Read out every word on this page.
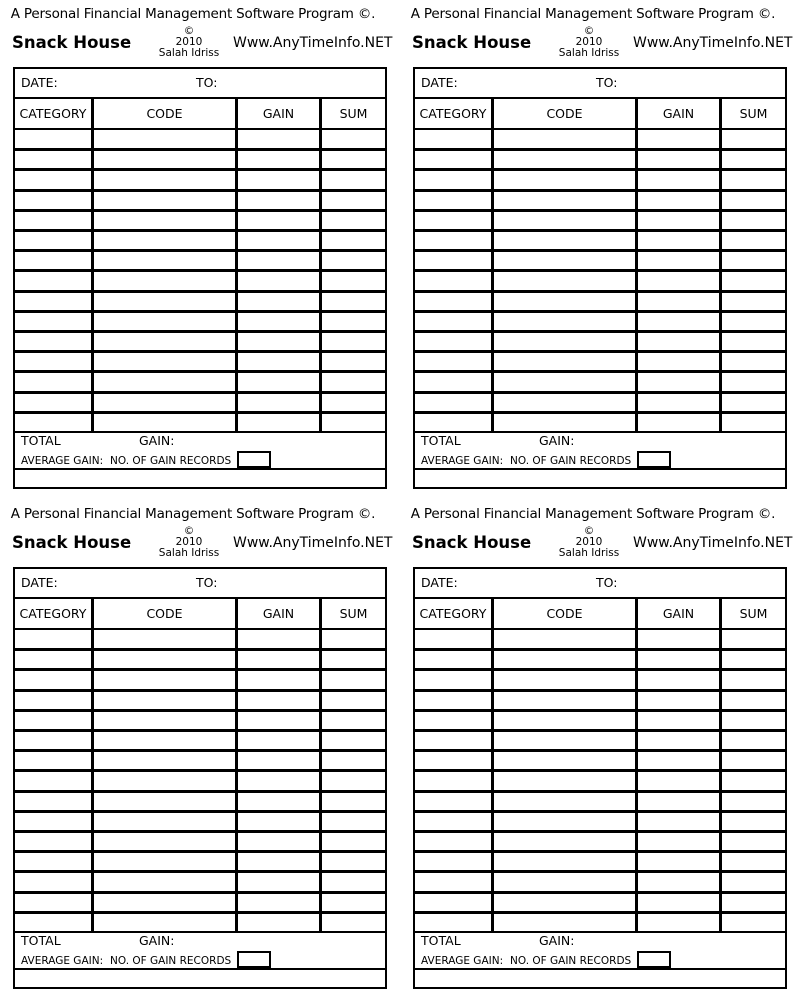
A Personal Financial Management Software Program ©.
Snack House
©
2010
Salah Idriss
Www.AnyTimeInfo.NET
DATE:	TO:
CATEGORY	CODE	GAIN	SUM
TOTAL	GAIN:
AVERAGE GAIN: NO. OF GAIN RECORDS
A Personal Financial Management Software Program ©.
Snack House
©
2010
Salah Idriss
Www.AnyTimeInfo.NET
DATE:	TO:
CATEGORY	CODE	GAIN	SUM
TOTAL	GAIN:
AVERAGE GAIN: NO. OF GAIN RECORDS
A Personal Financial Management Software Program ©.
Snack House
©
2010
Salah Idriss
Www.AnyTimeInfo.NET
DATE:	TO:
CATEGORY	CODE	GAIN	SUM
TOTAL	GAIN:
AVERAGE GAIN: NO. OF GAIN RECORDS
A Personal Financial Management Software Program ©.
Snack House
©
2010
Salah Idriss
Www.AnyTimeInfo.NET
DATE:	TO:
CATEGORY	CODE	GAIN	SUM
TOTAL	GAIN:
AVERAGE GAIN: NO. OF GAIN RECORDS
